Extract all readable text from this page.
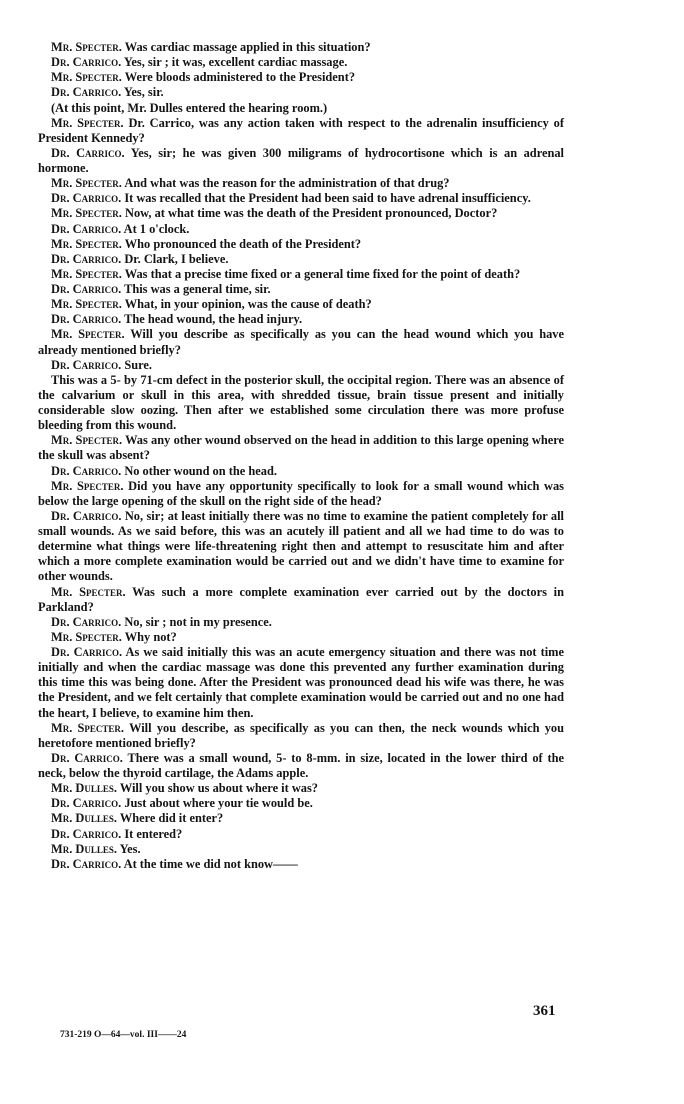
Mr. Specter. Was cardiac massage applied in this situation?

Dr. Carrico. Yes, sir ; it was, excellent cardiac massage.

Mr. Specter. Were bloods administered to the President?

Dr. Carrico. Yes, sir.

(At this point, Mr. Dulles entered the hearing room.)

Mr. Specter. Dr. Carrico, was any action taken with respect to the adrenalin insufficiency of President Kennedy?

Dr. Carrico. Yes, sir; he was given 300 miligrams of hydrocortisone which is an adrenal hormone.

Mr. Specter. And what was the reason for the administration of that drug?

Dr. Carrico. It was recalled that the President had been said to have adrenal insufficiency.

Mr. Specter. Now, at what time was the death of the President pronounced, Doctor?

Dr. Carrico. At 1 o'clock.

Mr. Specter. Who pronounced the death of the President?

Dr. Carrico. Dr. Clark, I believe.

Mr. Specter. Was that a precise time fixed or a general time fixed for the point of death?

Dr. Carrico. This was a general time, sir.

Mr. Specter. What, in your opinion, was the cause of death?

Dr. Carrico. The head wound, the head injury.

Mr. Specter. Will you describe as specifically as you can the head wound which you have already mentioned briefly?

Dr. Carrico. Sure.

This was a 5- by 71-cm defect in the posterior skull, the occipital region. There was an absence of the calvarium or skull in this area, with shredded tissue, brain tissue present and initially considerable slow oozing. Then after we established some circulation there was more profuse bleeding from this wound.

Mr. Specter. Was any other wound observed on the head in addition to this large opening where the skull was absent?

Dr. Carrico. No other wound on the head.

Mr. Specter. Did you have any opportunity specifically to look for a small wound which was below the large opening of the skull on the right side of the head?

Dr. Carrico. No, sir; at least initially there was no time to examine the patient completely for all small wounds. As we said before, this was an acutely ill patient and all we had time to do was to determine what things were life-threatening right then and attempt to resuscitate him and after which a more complete examination would be carried out and we didn't have time to examine for other wounds.

Mr. Specter. Was such a more complete examination ever carried out by the doctors in Parkland?

Dr. Carrico. No, sir ; not in my presence.

Mr. Specter. Why not?

Dr. Carrico. As we said initially this was an acute emergency situation and there was not time initially and when the cardiac massage was done this prevented any further examination during this time this was being done. After the President was pronounced dead his wife was there, he was the President, and we felt certainly that complete examination would be carried out and no one had the heart, I believe, to examine him then.

Mr. Specter. Will you describe, as specifically as you can then, the neck wounds which you heretofore mentioned briefly?

Dr. Carrico. There was a small wound, 5- to 8-mm. in size, located in the lower third of the neck, below the thyroid cartilage, the Adams apple.

Mr. Dulles. Will you show us about where it was?

Dr. Carrico. Just about where your tie would be.

Mr. Dulles. Where did it enter?

Dr. Carrico. It entered?

Mr. Dulles. Yes.

Dr. Carrico. At the time we did not know——

361
731-219 O—64—vol. III——24
